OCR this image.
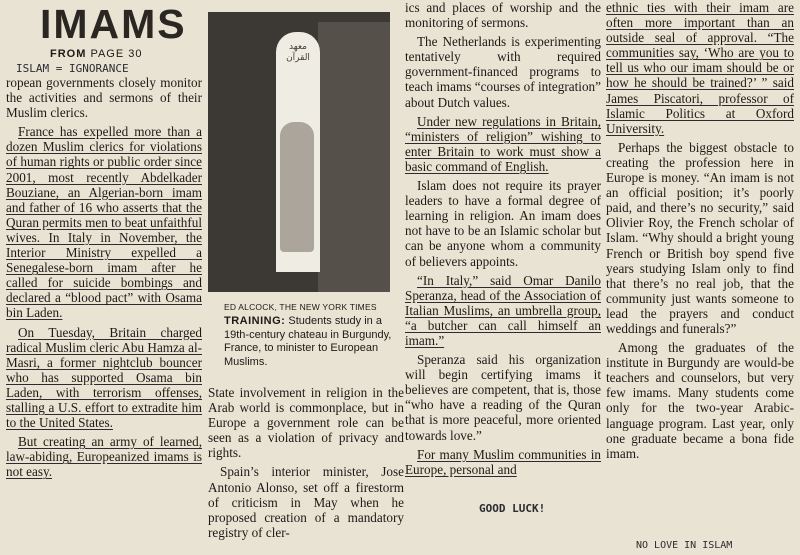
IMAMS
FROM PAGE 30
ISLAM = IGNORANCE

ropean governments closely monitor the activities and sermons of their Muslim clerics.

France has expelled more than a dozen Muslim clerics for violations of human rights or public order since 2001, most recently Abdelkader Bouziane, an Algerian-born imam and father of 16 who asserts that the Quran permits men to beat unfaithful wives. In Italy in November, the Interior Ministry expelled a Senegalese-born imam after he called for suicide bombings and declared a “blood pact” with Osama bin Laden.

On Tuesday, Britain charged radical Muslim cleric Abu Hamza al-Masri, a former nightclub bouncer who has supported Osama bin Laden, with terrorism offenses, stalling a U.S. effort to extradite him to the United States.

But creating an army of learned, law-abiding, Europeanized imams is not easy.

معهد القرآن
ED ALCOCK, THE NEW YORK TIMES
TRAINING: Students study in a 19th-century chateau in Burgundy, France, to minister to European Muslims.

State involvement in religion in the Arab world is commonplace, but in Europe a government role can be seen as a violation of privacy and rights.

Spain’s interior minister, Jose Antonio Alonso, set off a firestorm of criticism in May when he proposed creation of a mandatory registry of cler-

ics and places of worship and the monitoring of sermons.

The Netherlands is experimenting tentatively with required government-financed programs to teach imams “courses of integration” about Dutch values.

Under new regulations in Britain, “ministers of religion” wishing to enter Britain to work must show a basic command of English.

Islam does not require its prayer leaders to have a formal degree of learning in religion. An imam does not have to be an Islamic scholar but can be anyone whom a community of believers appoints.

“In Italy,” said Omar Danilo Speranza, head of the Association of Italian Muslims, an umbrella group, “a butcher can call himself an imam.”

Speranza said his organization will begin certifying imams it believes are competent, that is, those “who have a reading of the Quran that is more peaceful, more oriented towards love.”

For many Muslim communities in Europe, personal and

ethnic ties with their imam are often more important than an outside seal of approval. “The communities say, ‘Who are you to tell us who our imam should be or how he should be trained?’ ” said James Piscatori, professor of Islamic Politics at Oxford University.

Perhaps the biggest obstacle to creating the profession here in Europe is money. “An imam is not an official position; it’s poorly paid, and there’s no security,” said Olivier Roy, the French scholar of Islam. “Why should a bright young French or British boy spend five years studying Islam only to find that there’s no real job, that the community just wants someone to lead the prayers and conduct weddings and funerals?”

Among the graduates of the institute in Burgundy are would-be teachers and counselors, but very few imams. Many students come only for the two-year Arabic-language program. Last year, only one graduate became a bona fide imam.

GOOD LUCK!
NO LOVE IN ISLAM
